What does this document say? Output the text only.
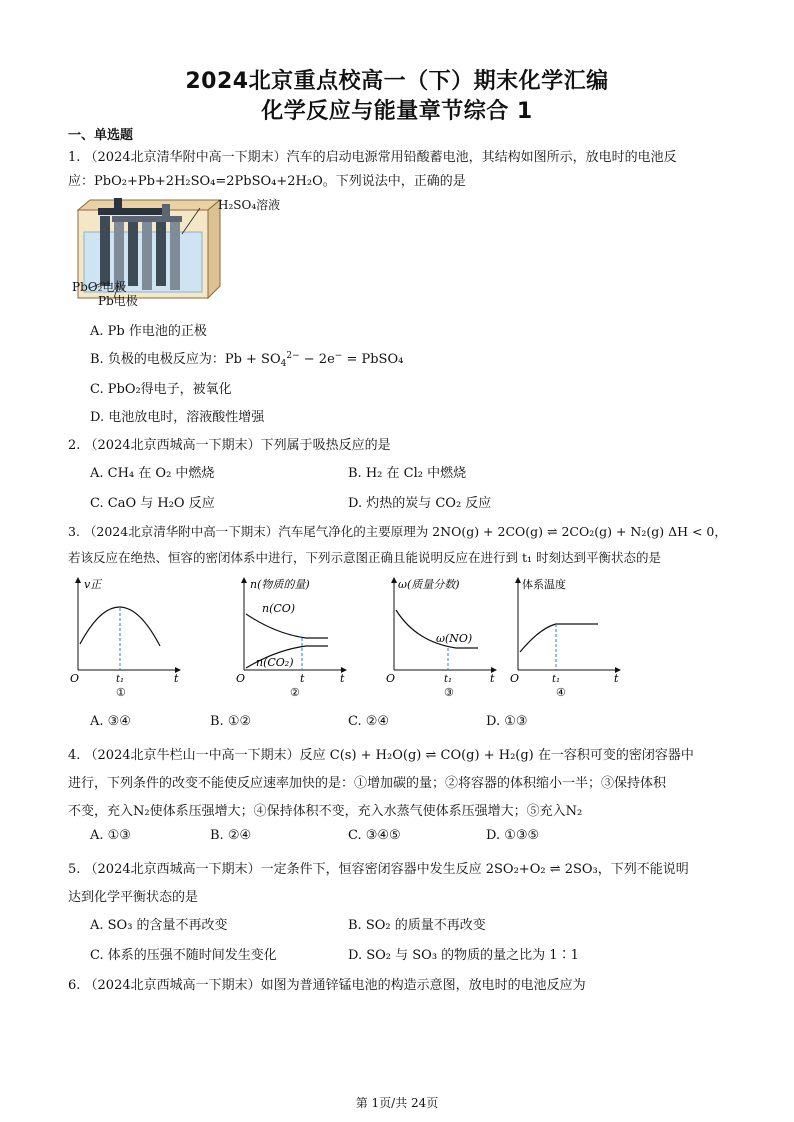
2024北京重点校高一（下）期末化学汇编
化学反应与能量章节综合 1
一、单选题
1. （2024北京清华附中高一下期末）汽车的启动电源常用铅酸蓄电池，其结构如图所示，放电时的电池反
应：PbO₂+Pb+2H₂SO₄=2PbSO₄+2H₂O。下列说法中，正确的是
H₂SO₄溶液
PbO₂电极
Pb电极
A. Pb 作电池的正极
B. 负极的电极反应为：$Pb + SO_4^{2-} - 2e^-$ = PbSO₄
C. PbO₂得电子，被氧化
D. 电池放电时，溶液酸性增强
2. （2024北京西城高一下期末）下列属于吸热反应的是
A. CH₄ 在 O₂ 中燃烧	B. H₂ 在 Cl₂ 中燃烧
C. CaO 与 H₂O 反应	D. 灼热的炭与 CO₂ 反应
3. （2024北京清华附中高一下期末）汽车尾气净化的主要原理为 2NO(g) + 2CO(g) ⇌ 2CO₂(g) + N₂(g) ΔH < 0，
若该反应在绝热、恒容的密闭体系中进行，下列示意图正确且能说明反应在进行到 t₁ 时刻达到平衡状态的是
v正
O	t₁	t
①
n(物质的量)
n(CO)
n(CO₂)
O	t	t
②
ω(质量分数)
ω(NO)
O	t₁	t
③
体系温度
O	t₁	t
④
A. ③④	B. ①②	C. ②④	D. ①③
4. （2024北京牛栏山一中高一下期末）反应 C(s) + H₂O(g) ⇌ CO(g) + H₂(g) 在一容积可变的密闭容器中
进行，下列条件的改变不能使反应速率加快的是：①增加碳的量；②将容器的体积缩小一半；③保持体积
不变，充入N₂使体系压强增大；④保持体积不变，充入水蒸气使体系压强增大；⑤充入N₂
A. ①③	B. ②④	C. ③④⑤	D. ①③⑤
5. （2024北京西城高一下期末）一定条件下，恒容密闭容器中发生反应 2SO₂+O₂ ⇌ 2SO₃，下列不能说明
达到化学平衡状态的是
A. SO₃ 的含量不再改变	B. SO₂ 的质量不再改变
C. 体系的压强不随时间发生变化	D. SO₂ 与 SO₃ 的物质的量之比为 1∶1
6. （2024北京西城高一下期末）如图为普通锌锰电池的构造示意图，放电时的电池反应为
第 1页/共 24页
